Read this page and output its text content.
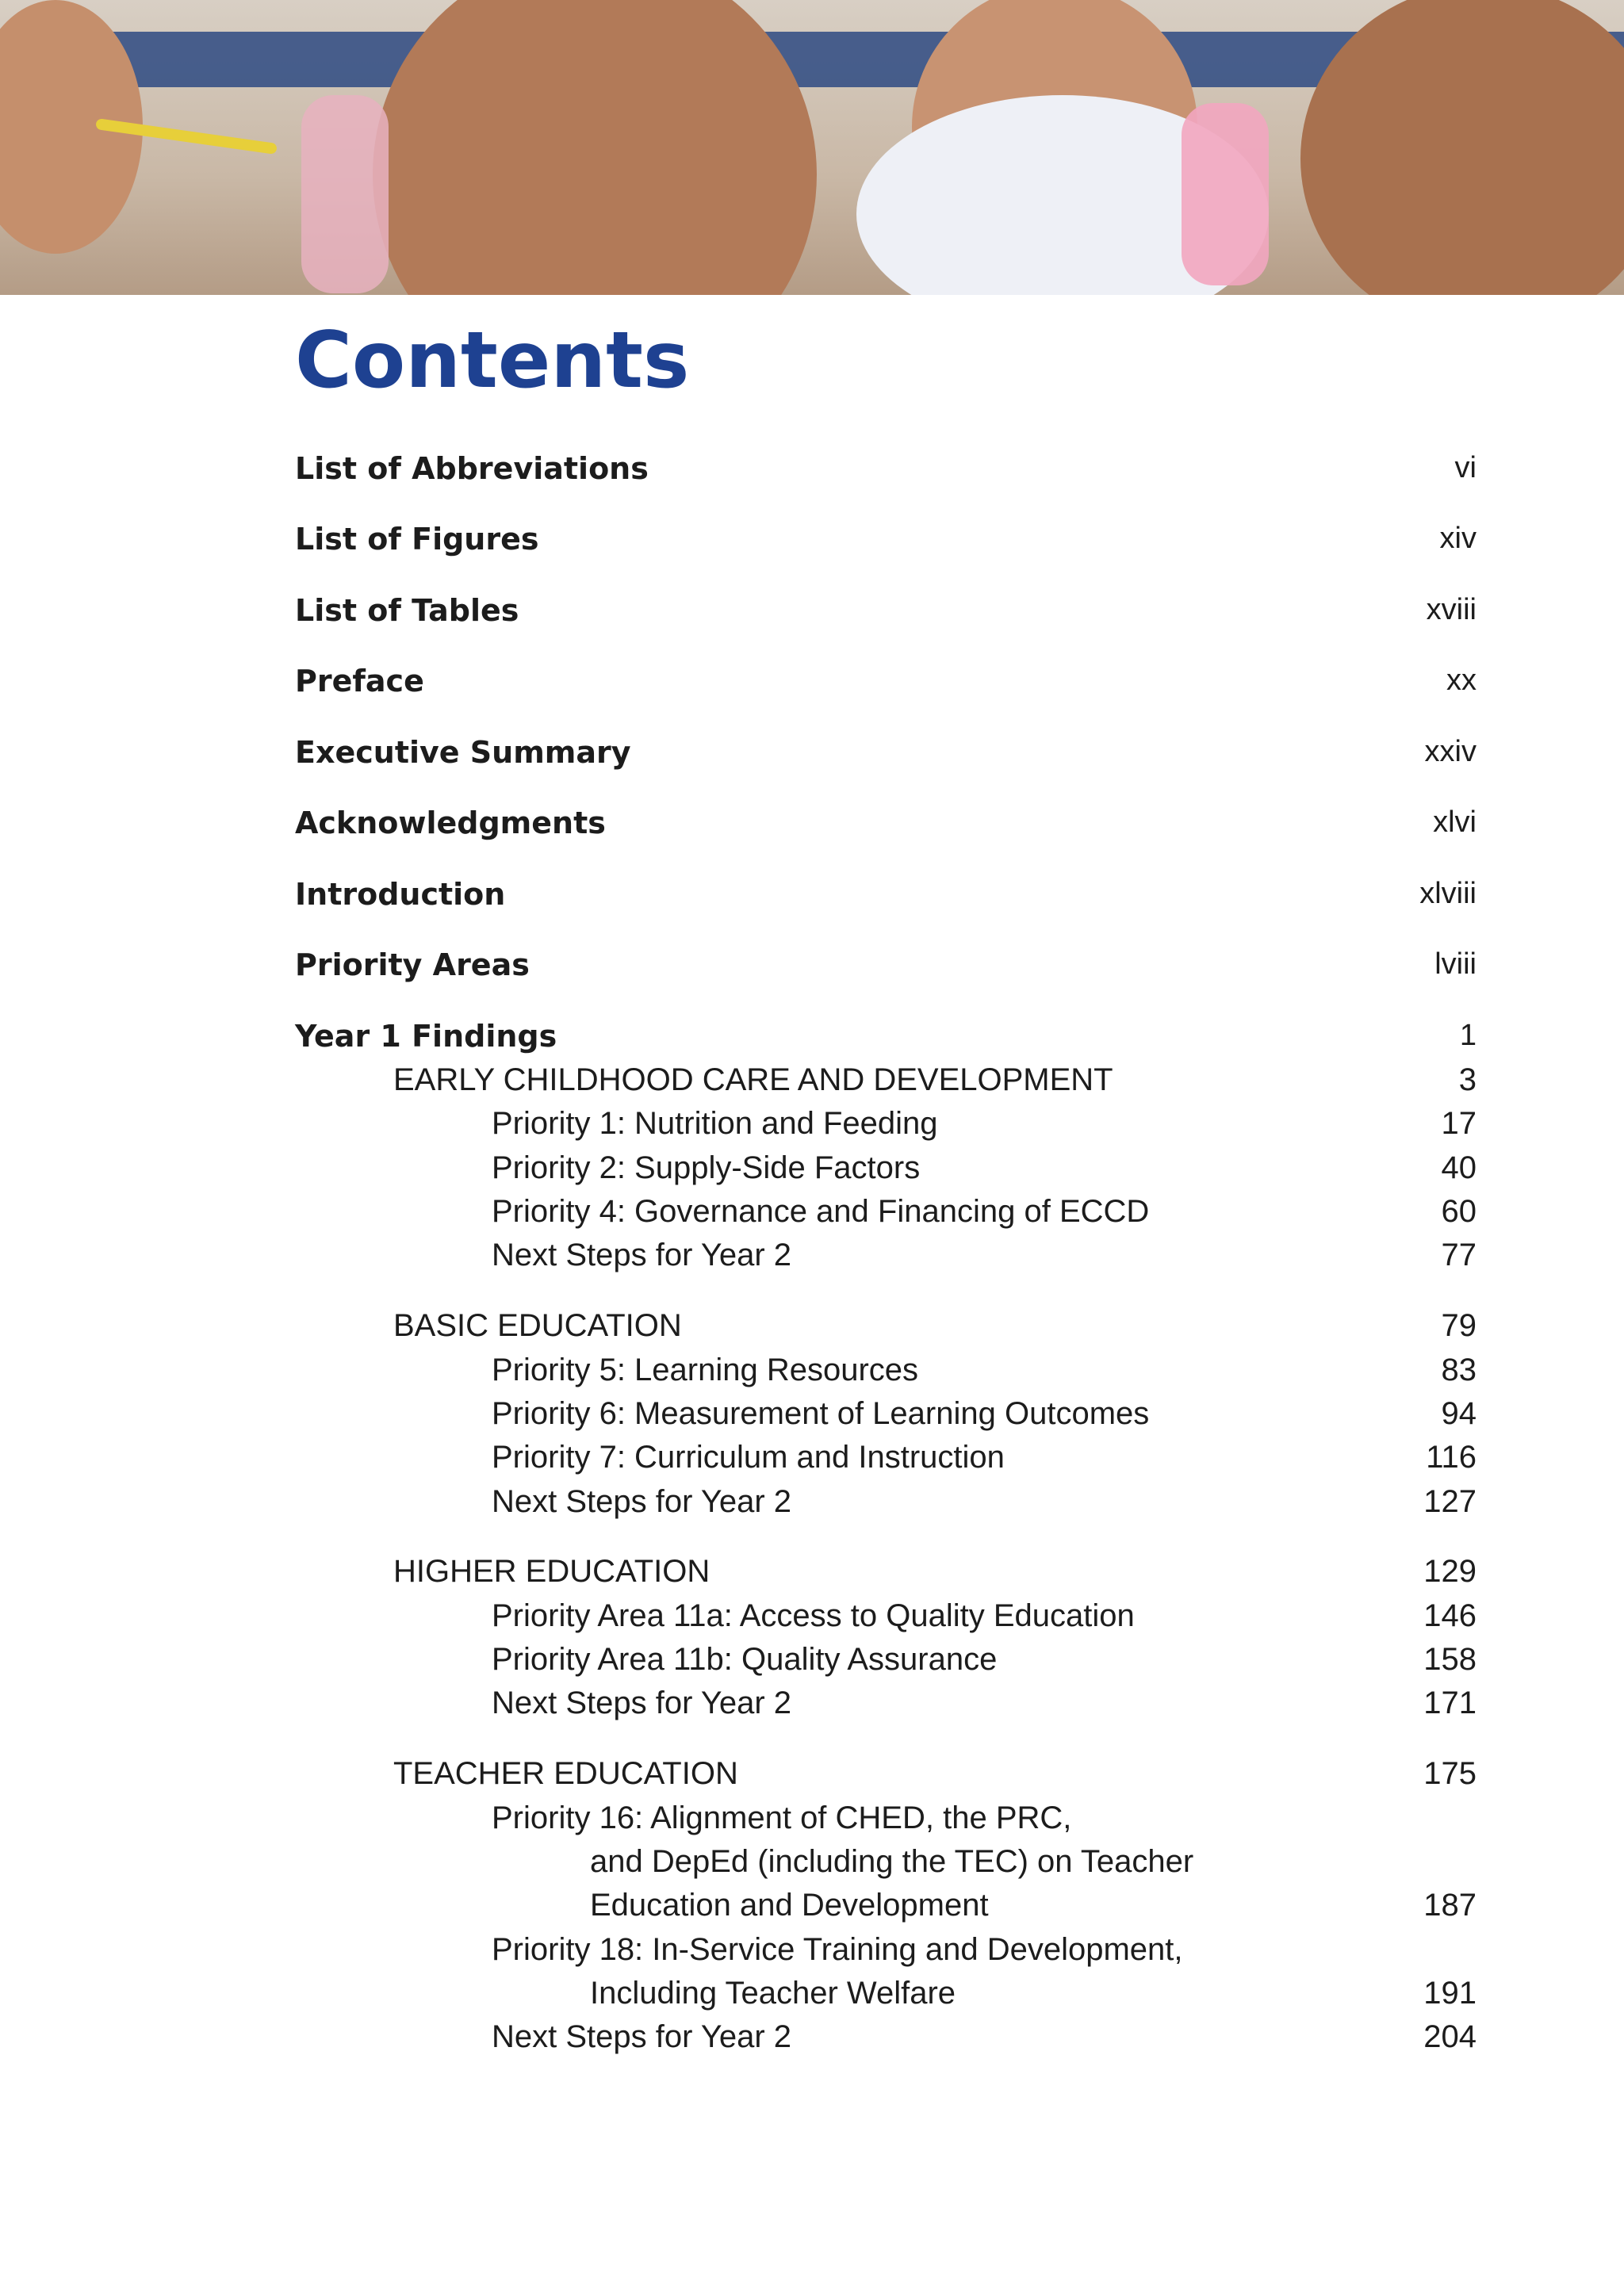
Contents
List of Abbreviations	vi
List of Figures	xiv
List of Tables	xviii
Preface	xx
Executive Summary	xxiv
Acknowledgments	xlvi
Introduction	xlviii
Priority Areas	lviii
Year 1 Findings	1
EARLY CHILDHOOD CARE AND DEVELOPMENT	3
Priority 1: Nutrition and Feeding	17
Priority 2: Supply-Side Factors	40
Priority 4: Governance and Financing of ECCD	60
Next Steps for Year 2	77
BASIC EDUCATION	79
Priority 5: Learning Resources	83
Priority 6: Measurement of Learning Outcomes	94
Priority 7: Curriculum and Instruction	116
Next Steps for Year 2	127
HIGHER EDUCATION	129
Priority Area 11a: Access to Quality Education	146
Priority Area 11b: Quality Assurance	158
Next Steps for Year 2	171
TEACHER EDUCATION	175
Priority 16: Alignment of CHED, the PRC,
and DepEd (including the TEC) on Teacher
Education and Development	187
Priority 18: In-Service Training and Development,
Including Teacher Welfare	191
Next Steps for Year 2	204
